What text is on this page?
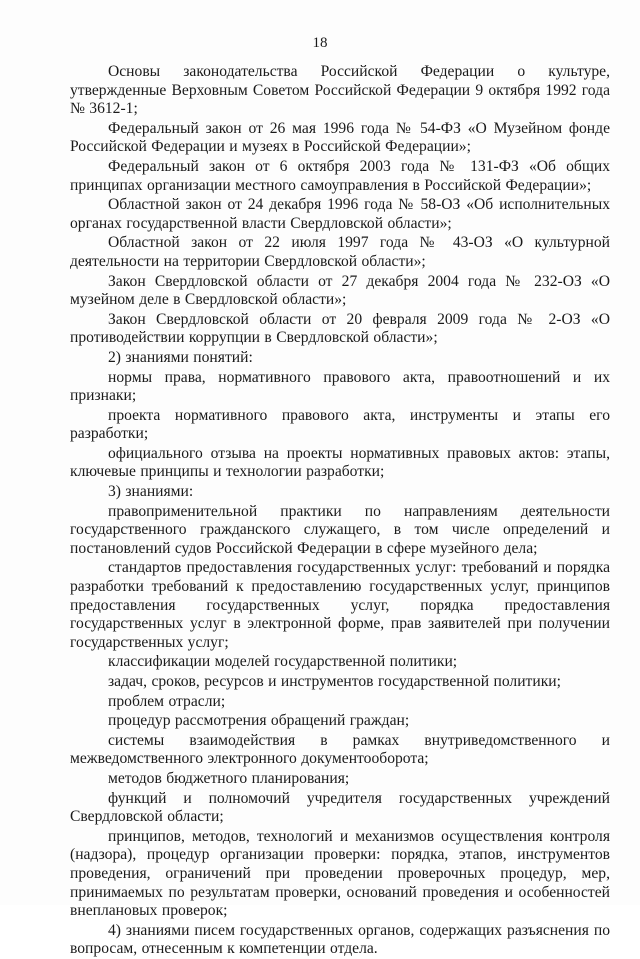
18

Основы законодательства Российской Федерации о культуре, утвержденные Верховным Советом Российской Федерации 9 октября 1992 года № 3612-1;

Федеральный закон от 26 мая 1996 года № 54-ФЗ «О Музейном фонде Российской Федерации и музеях в Российской Федерации»;

Федеральный закон от 6 октября 2003 года № 131-ФЗ «Об общих принципах организации местного самоуправления в Российской Федерации»;

Областной закон от 24 декабря 1996 года № 58-ОЗ «Об исполнительных органах государственной власти Свердловской области»;

Областной закон от 22 июля 1997 года № 43-ОЗ «О культурной деятельности на территории Свердловской области»;

Закон Свердловской области от 27 декабря 2004 года № 232-ОЗ «О музейном деле в Свердловской области»;

Закон Свердловской области от 20 февраля 2009 года № 2-ОЗ «О противодействии коррупции в Свердловской области»;

2) знаниями понятий:

нормы права, нормативного правового акта, правоотношений и их признаки;

проекта нормативного правового акта, инструменты и этапы его разработки;

официального отзыва на проекты нормативных правовых актов: этапы, ключевые принципы и технологии разработки;

3) знаниями:

правоприменительной практики по направлениям деятельности государственного гражданского служащего, в том числе определений и постановлений судов Российской Федерации в сфере музейного дела;

стандартов предоставления государственных услуг: требований и порядка разработки требований к предоставлению государственных услуг, принципов предоставления государственных услуг, порядка предоставления государственных услуг в электронной форме, прав заявителей при получении государственных услуг;

классификации моделей государственной политики;

задач, сроков, ресурсов и инструментов государственной политики;

проблем отрасли;

процедур рассмотрения обращений граждан;

системы взаимодействия в рамках внутриведомственного и межведомственного электронного документооборота;

методов бюджетного планирования;

функций и полномочий учредителя государственных учреждений Свердловской области;

принципов, методов, технологий и механизмов осуществления контроля (надзора), процедур организации проверки: порядка, этапов, инструментов проведения, ограничений при проведении проверочных процедур, мер, принимаемых по результатам проверки, оснований проведения и особенностей внеплановых проверок;

4) знаниями писем государственных органов, содержащих разъяснения по вопросам, отнесенным к компетенции отдела.
